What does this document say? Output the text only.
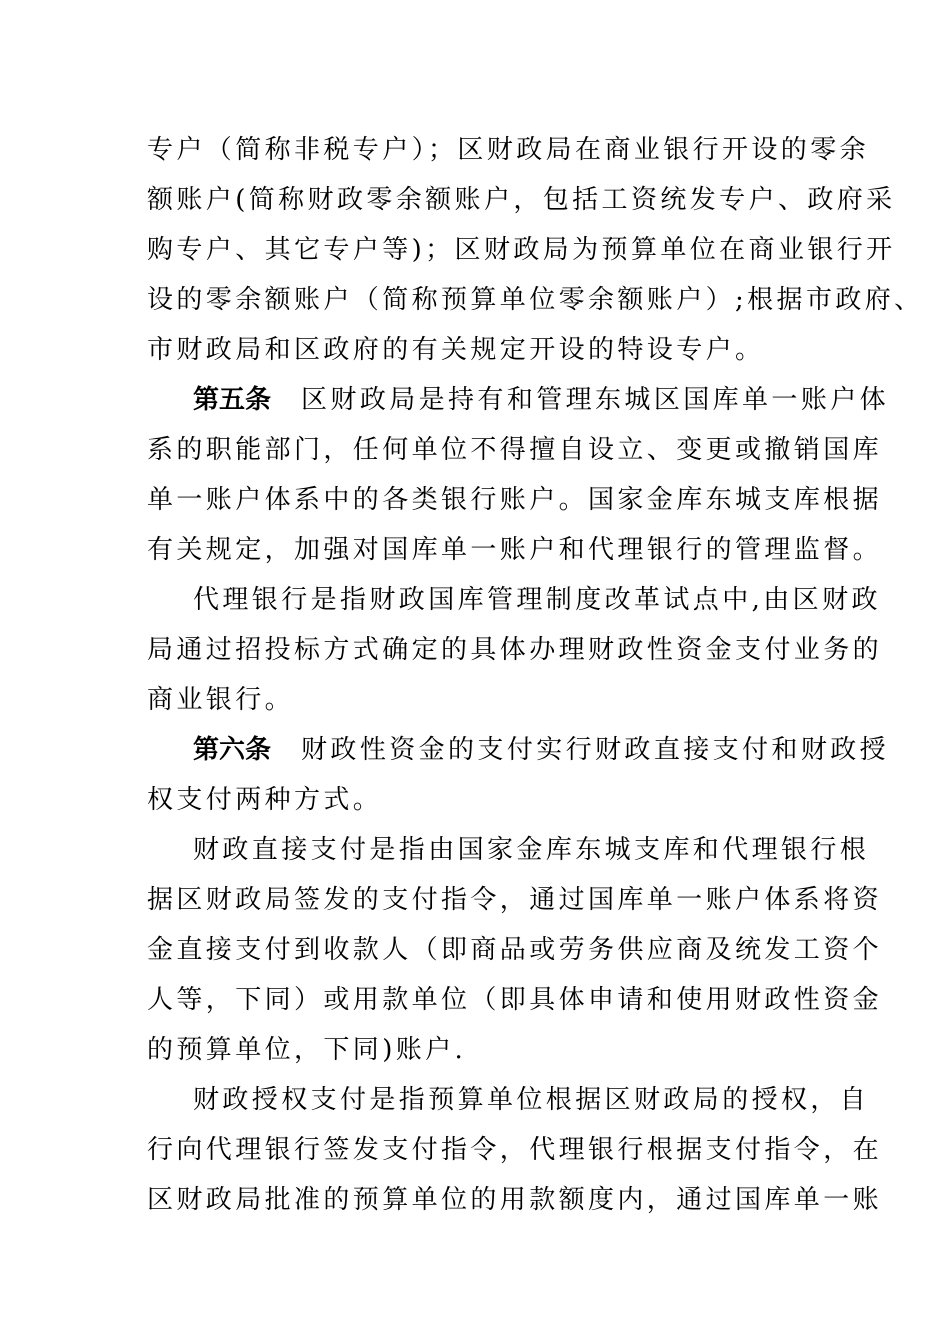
专户（简称非税专户）；区财政局在商业银行开设的零余
额账户(简称财政零余额账户，包括工资统发专户、政府采
购专户、其它专户等)；区财政局为预算单位在商业银行开
设的零余额账户（简称预算单位零余额账户）;根据市政府、
市财政局和区政府的有关规定开设的特设专户。
第五条 区财政局是持有和管理东城区国库单一账户体
系的职能部门，任何单位不得擅自设立、变更或撤销国库
单一账户体系中的各类银行账户。国家金库东城支库根据
有关规定，加强对国库单一账户和代理银行的管理监督。
代理银行是指财政国库管理制度改革试点中,由区财政
局通过招投标方式确定的具体办理财政性资金支付业务的
商业银行。
第六条 财政性资金的支付实行财政直接支付和财政授
权支付两种方式。
财政直接支付是指由国家金库东城支库和代理银行根
据区财政局签发的支付指令，通过国库单一账户体系将资
金直接支付到收款人（即商品或劳务供应商及统发工资个
人等，下同）或用款单位（即具体申请和使用财政性资金
的预算单位，下同)账户.
财政授权支付是指预算单位根据区财政局的授权，自
行向代理银行签发支付指令，代理银行根据支付指令，在
区财政局批准的预算单位的用款额度内，通过国库单一账
